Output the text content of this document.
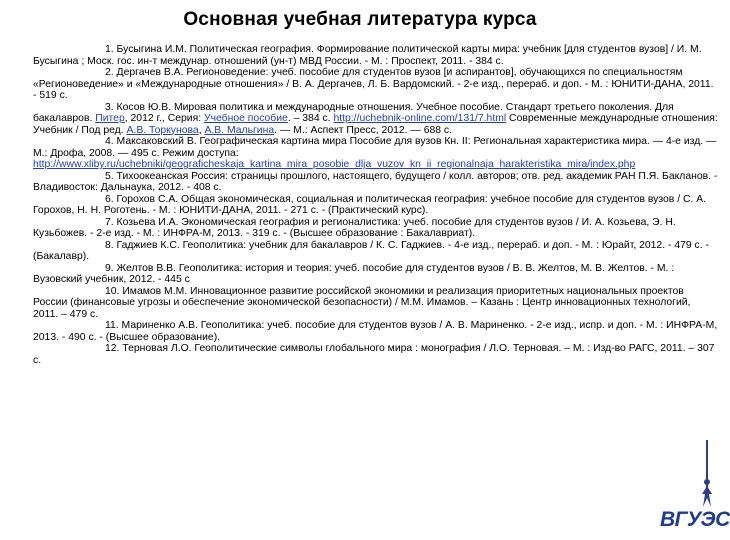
Основная учебная литература курса

1. Бусыгина И.М. Политическая география. Формирование политической карты мира: учебник [для студентов вузов] / И. М. Бусыгина ; Моск. гос. ин-т междунар. отношений (ун-т) МВД России. - М. : Проспект, 2011. - 384 с.

2. Дергачев В.А. Регионоведение: учеб. пособие для студентов вузов [и аспирантов], обучающихся по специальностям «Регионоведение» и «Международные отношения» / В. А. Дергачев, Л. Б. Вардомский. - 2-е изд., перераб. и доп. - М. : ЮНИТИ-ДАНА, 2011. - 519 с.

3. Косов Ю.В. Мировая политика и международные отношения. Учебное пособие. Стандарт третьего поколения. Для бакалавров. Питер, 2012 г., Серия: Учебное пособие. – 384 с. http://uchebnik-online.com/131/7.html Современные международные отношения: Учебник / Под ред. А.В. Торкунова, А.В. Мальгина. — М.: Аспект Пресс, 2012. — 688 с.

4. Максаковский В. Географическая картина мира Пособие для вузов Кн. II: Региональная характеристика мира. — 4-е изд. — М.: Дрофа, 2008. — 495 с. Режим доступа: http://www.xliby.ru/uchebniki/geograficheskaja_kartina_mira_posobie_dlja_vuzov_kn_ii_regionalnaja_harakteristika_mira/index.php

5. Тихоокеанская Россия: страницы прошлого, настоящего, будущего / колл. авторов; отв. ред. академик РАН П.Я. Бакланов. - Владивосток: Дальнаука, 2012. - 408 с.

6. Горохов С.А. Общая экономическая, социальная и политическая география: учебное пособие для студентов вузов / С. А. Горохов, Н. Н. Роготень. - М. : ЮНИТИ-ДАНА, 2011. - 271 с. - (Практический курс).

7. Козьева И.А. Экономическая география и регионалистика: учеб. пособие для студентов вузов / И. А. Козьева, Э. Н. Кузьбожев. - 2-е изд. - М. : ИНФРА-М, 2013. - 319 с. - (Высшее образование : Бакалавриат).

8. Гаджиев К.С. Геополитика: учебник для бакалавров / К. С. Гаджиев. - 4-е изд., перераб. и доп. - М. : Юрайт, 2012. - 479 с. - (Бакалавр).

9. Желтов В.В. Геополитика: история и теория: учеб. пособие для студентов вузов / В. В. Желтов, М. В. Желтов. - М. : Вузовский учебник, 2012. - 445 с

10. Имамов М.М. Инновационное развитие российской экономики и реализация приоритетных национальных проектов России (финансовые угрозы и обеспечение экономической безопасности) / М.М. Имамов. – Казань : Центр инновационных технологий, 2011. – 479 с.

11. Мариненко А.В. Геополитика: учеб. пособие для студентов вузов / А. В. Мариненко. - 2-е изд., испр. и доп. - М. : ИНФРА-М, 2013. - 490 с. - (Высшее образование).

12. Терновая Л.О. Геополитические символы глобального мира : монография / Л.О. Терновая. – М. : Изд-во РАГС, 2011. – 307 с.

ВГУЭС
